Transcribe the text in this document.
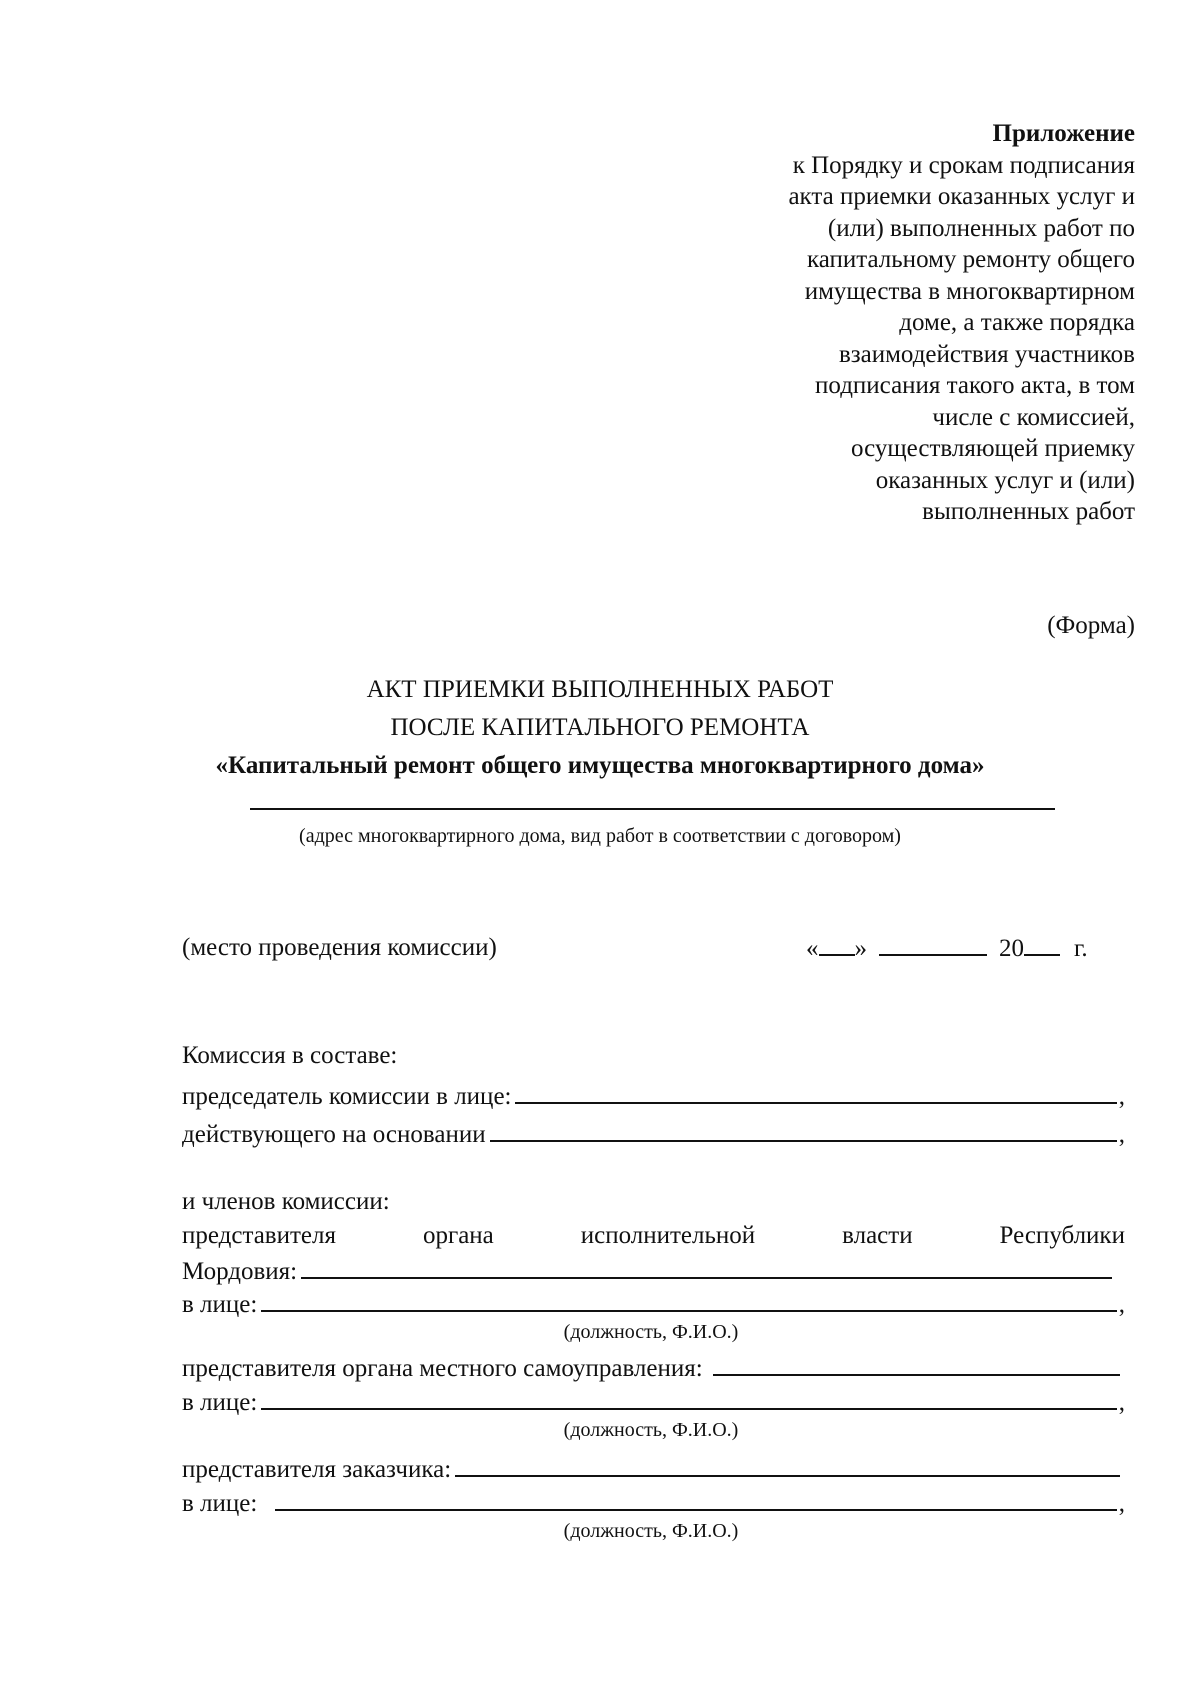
Приложение
к Порядку и срокам подписания
акта приемки оказанных услуг и
(или) выполненных работ по
капитальному ремонту общего
имущества в многоквартирном
доме, а также порядка
взаимодействия участников
подписания такого акта, в том
числе с комиссией,
осуществляющей приемку
оказанных услуг и (или)
выполненных работ
(Форма)
АКТ ПРИЕМКИ ВЫПОЛНЕННЫХ РАБОТ
ПОСЛЕ КАПИТАЛЬНОГО РЕМОНТА
«Капитальный ремонт общего имущества многоквартирного дома»
(адрес многоквартирного дома, вид работ в соответствии с договором)
(место проведения комиссии)	« »	20 г.
Комиссия в составе:
председатель комиссии в лице:	,
действующего на основании	,
и членов комиссии:
представителя	органа	исполнительной	власти	Республики
Мордовия:
в лице:	,
(должность, Ф.И.О.)
представителя органа местного самоуправления:
в лице:	,
(должность, Ф.И.О.)
представителя заказчика:
в лице:	,
(должность, Ф.И.О.)
